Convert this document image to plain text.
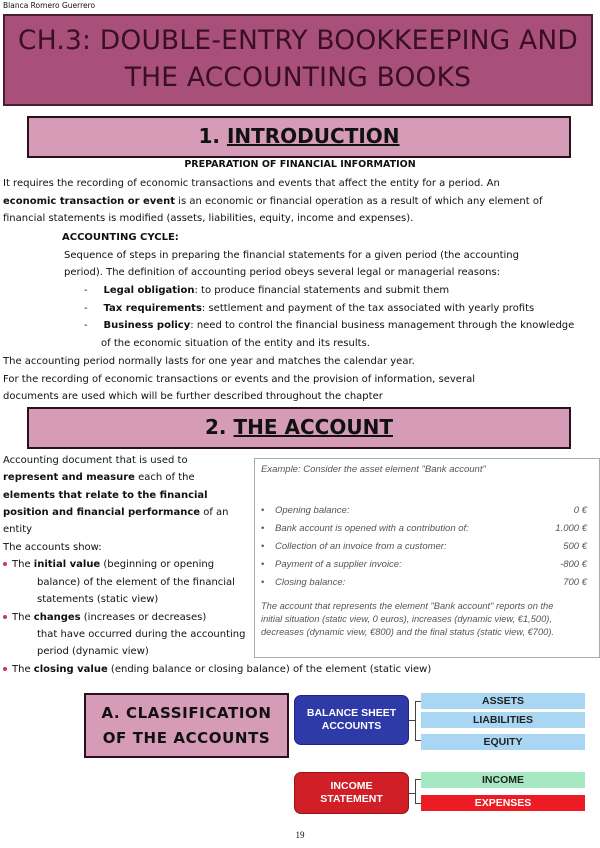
Blanca Romero Guerrero
CH.3: DOUBLE-ENTRY BOOKKEEPING AND
THE ACCOUNTING BOOKS
1. INTRODUCTION
PREPARATION OF FINANCIAL INFORMATION
It requires the recording of economic transactions and events that affect the entity for a period. An
economic transaction or event is an economic or financial operation as a result of which any element of
financial statements is modified (assets, liabilities, equity, income and expenses).
ACCOUNTING CYCLE:
Sequence of steps in preparing the financial statements for a given period (the accounting
period). The definition of accounting period obeys several legal or managerial reasons:
-     Legal obligation: to produce financial statements and submit them
-     Tax requirements: settlement and payment of the tax associated with yearly profits
-     Business policy: need to control the financial business management through the knowledge
of the economic situation of the entity and its results.
The accounting period normally lasts for one year and matches the calendar year.
For the recording of economic transactions or events and the provision of information, several
documents are used which will be further described throughout the chapter
2. THE ACCOUNT
Accounting document that is used to
represent and measure each of the
elements that relate to the financial
position and financial performance of an
entity
The accounts show:
The initial value (beginning or opening
balance) of the element of the financial
statements (static view)
The changes (increases or decreases)
that have occurred during the accounting
period (dynamic view)
The closing value (ending balance or closing balance) of the element (static view)
Example: Consider the asset element "Bank account"
• Opening balance:	0 €
• Bank account is opened with a contribution of:	1.000 €
• Collection of an invoice from a customer:	500 €
• Payment of a supplier invoice:	-800 €
• Closing balance:	700 €
The account that represents the element "Bank account" reports on the
initial situation (static view, 0 euros), increases (dynamic view, €1,500),
decreases (dynamic view, €800) and the final status (static view, €700).
A. CLASSIFICATION
OF THE ACCOUNTS
BALANCE SHEET
ACCOUNTS
ASSETS
LIABILITIES
EQUITY
INCOME
STATEMENT
INCOME
EXPENSES
19
